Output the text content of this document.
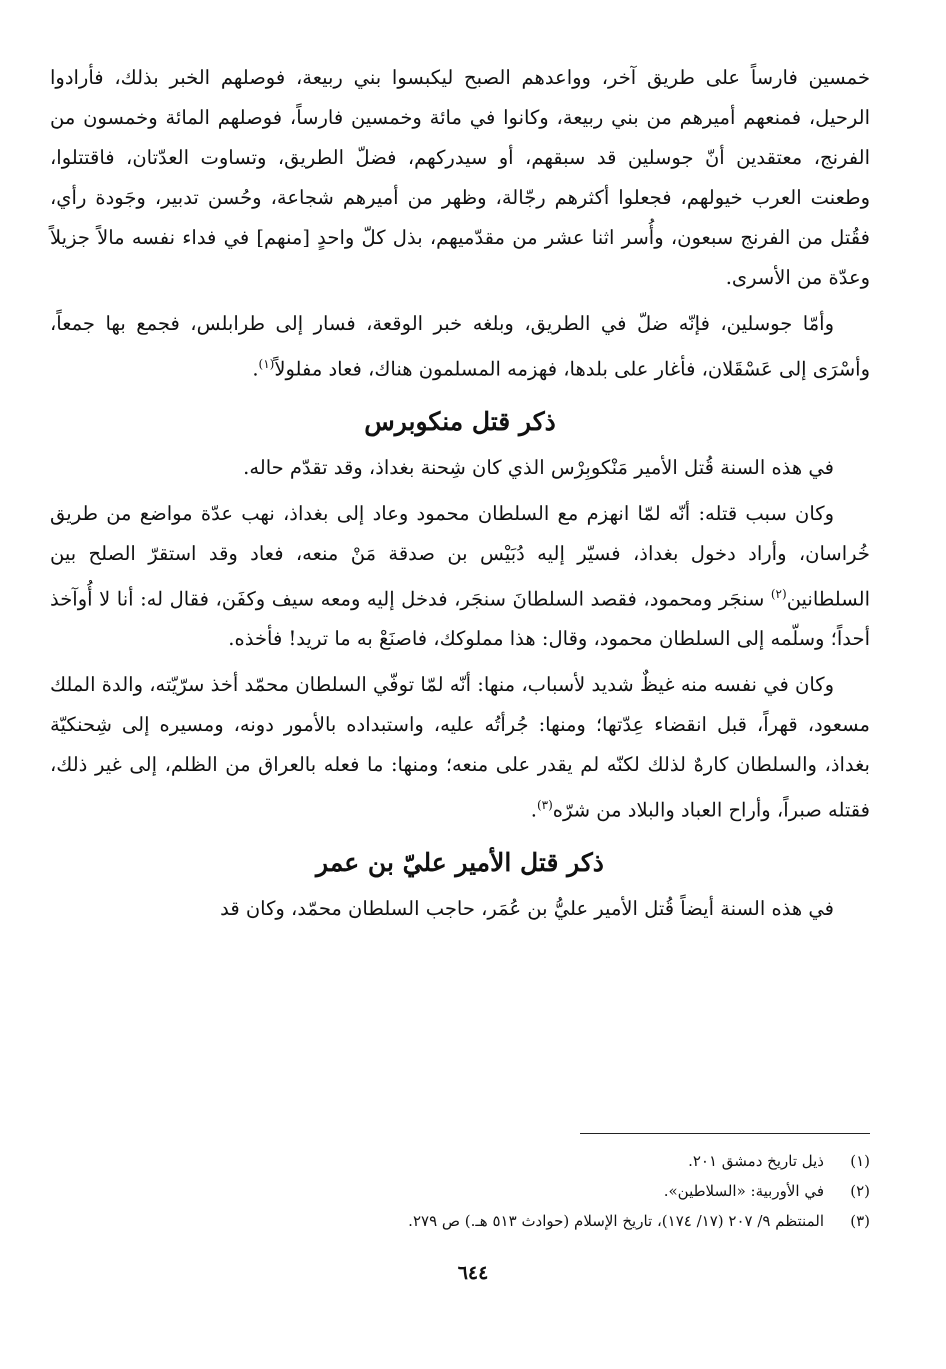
خمسين فارساً على طريق آخر، وواعدهم الصبح ليكبسوا بني ربيعة، فوصلهم الخبر بذلك، فأرادوا الرحيل، فمنعهم أميرهم من بني ربيعة، وكانوا في مائة وخمسين فارساً، فوصلهم المائة وخمسون من الفرنج، معتقدين أنّ جوسلين قد سبقهم، أو سيدركهم، فضلّ الطريق، وتساوت العدّتان، فاقتتلوا، وطعنت العرب خيولهم، فجعلوا أكثرهم رجّالة، وظهر من أميرهم شجاعة، وحُسن تدبير، وجَودة رأي، فقُتل من الفرنج سبعون، وأُسر اثنا عشر من مقدّميهم، بذل كلّ واحدٍ [منهم] في فداء نفسه مالاً جزيلاً وعدّة من الأسرى.

وأمّا جوسلين، فإنّه ضلّ في الطريق، وبلغه خبر الوقعة، فسار إلى طرابلس، فجمع بها جمعاً، وأسْرَى إلى عَسْقَلان، فأغار على بلدها، فهزمه المسلمون هناك، فعاد مفلولاً$^{(١)}$.

ذكر قتل منكوبرس

في هذه السنة قُتل الأمير مَنْكوبِرْس الذي كان شِحنة بغداذ، وقد تقدّم حاله.

وكان سبب قتله: أنّه لمّا انهزم مع السلطان محمود وعاد إلى بغداذ، نهب عدّة مواضع من طريق خُراسان، وأراد دخول بغداذ، فسيّر إليه دُبَيْس بن صدقة مَنْ منعه، فعاد وقد استقرّ الصلح بين السلطانين$^{(٢)}$ سنجَر ومحمود، فقصد السلطانَ سنجَر، فدخل إليه ومعه سيف وكفَن، فقال له: أنا لا أُوآخذ أحداً؛ وسلّمه إلى السلطان محمود، وقال: هذا مملوكك، فاصنَعْ به ما تريد! فأخذه.

وكان في نفسه منه غيظٌ شديد لأسباب، منها: أنّه لمّا توفّي السلطان محمّد أخذ سرّيّته، والدة الملك مسعود، قهراً، قبل انقضاء عِدّتها؛ ومنها: جُرأتُه عليه، واستبداده بالأمور دونه، ومسيره إلى شِحنكيّة بغداذ، والسلطان كارهٌ لذلك لكنّه لم يقدر على منعه؛ ومنها: ما فعله بالعراق من الظلم، إلى غير ذلك، فقتله صبراً، وأراح العباد والبلاد من شرّه$^{(٣)}$.

ذكر قتل الأمير عليّ بن عمر

في هذه السنة أيضاً قُتل الأمير عليُّ بن عُمَر، حاجب السلطان محمّد، وكان قد

(١)
ذيل تاريخ دمشق ٢٠١.
(٢)
في الأوربية: «السلاطين».
(٣)
المنتظم ٩/ ٢٠٧ (١٧/ ١٧٤)، تاريخ الإسلام (حوادث ٥١٣ هـ.) ص ٢٧٩.
٦٤٤
